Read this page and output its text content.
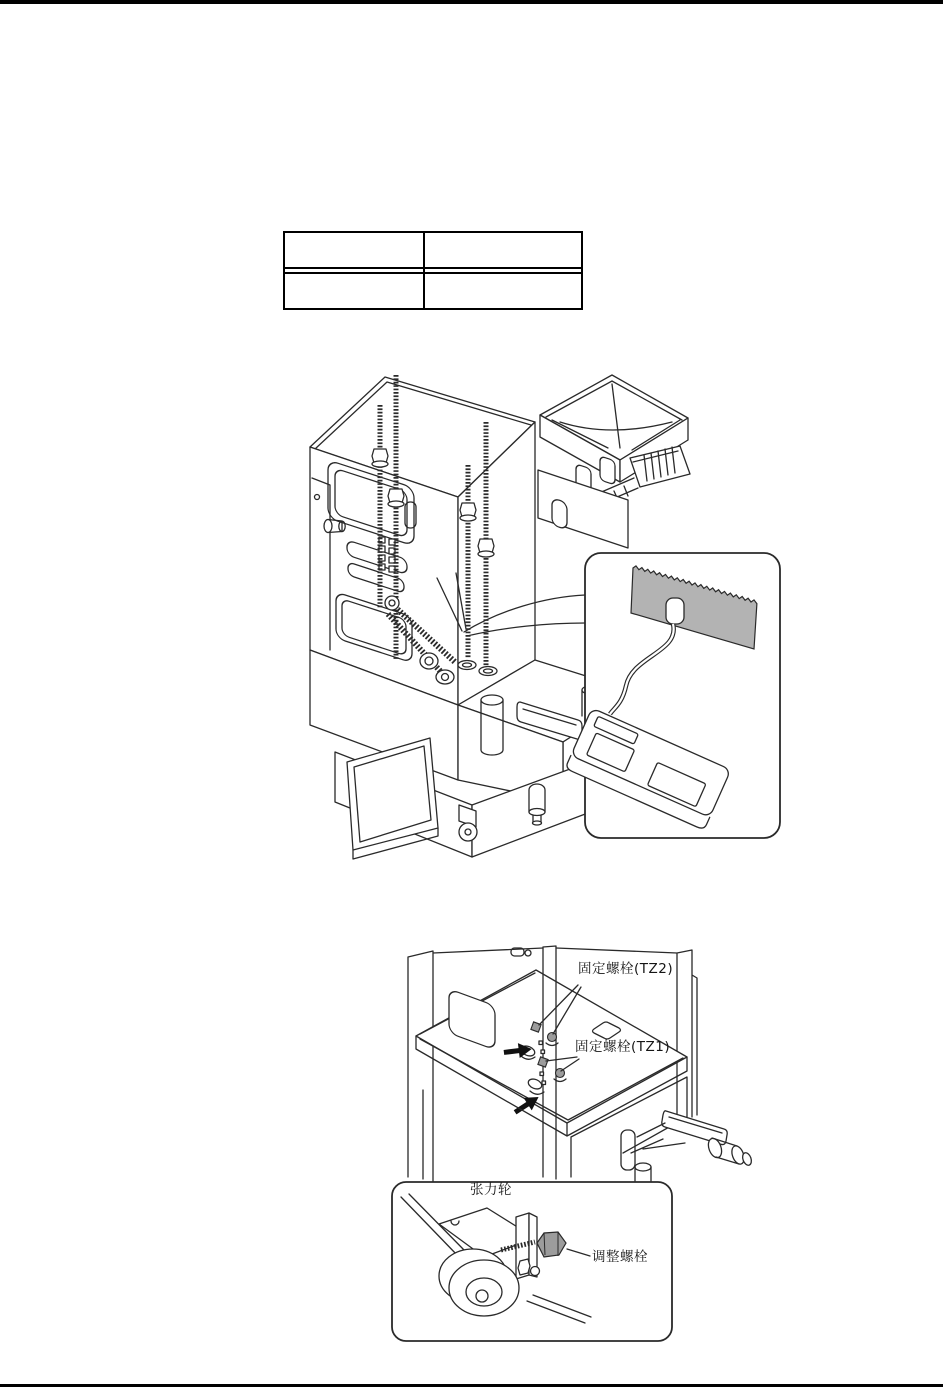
固定螺栓(TZ2)
固定螺栓(TZ1)
张力轮
调整螺栓
